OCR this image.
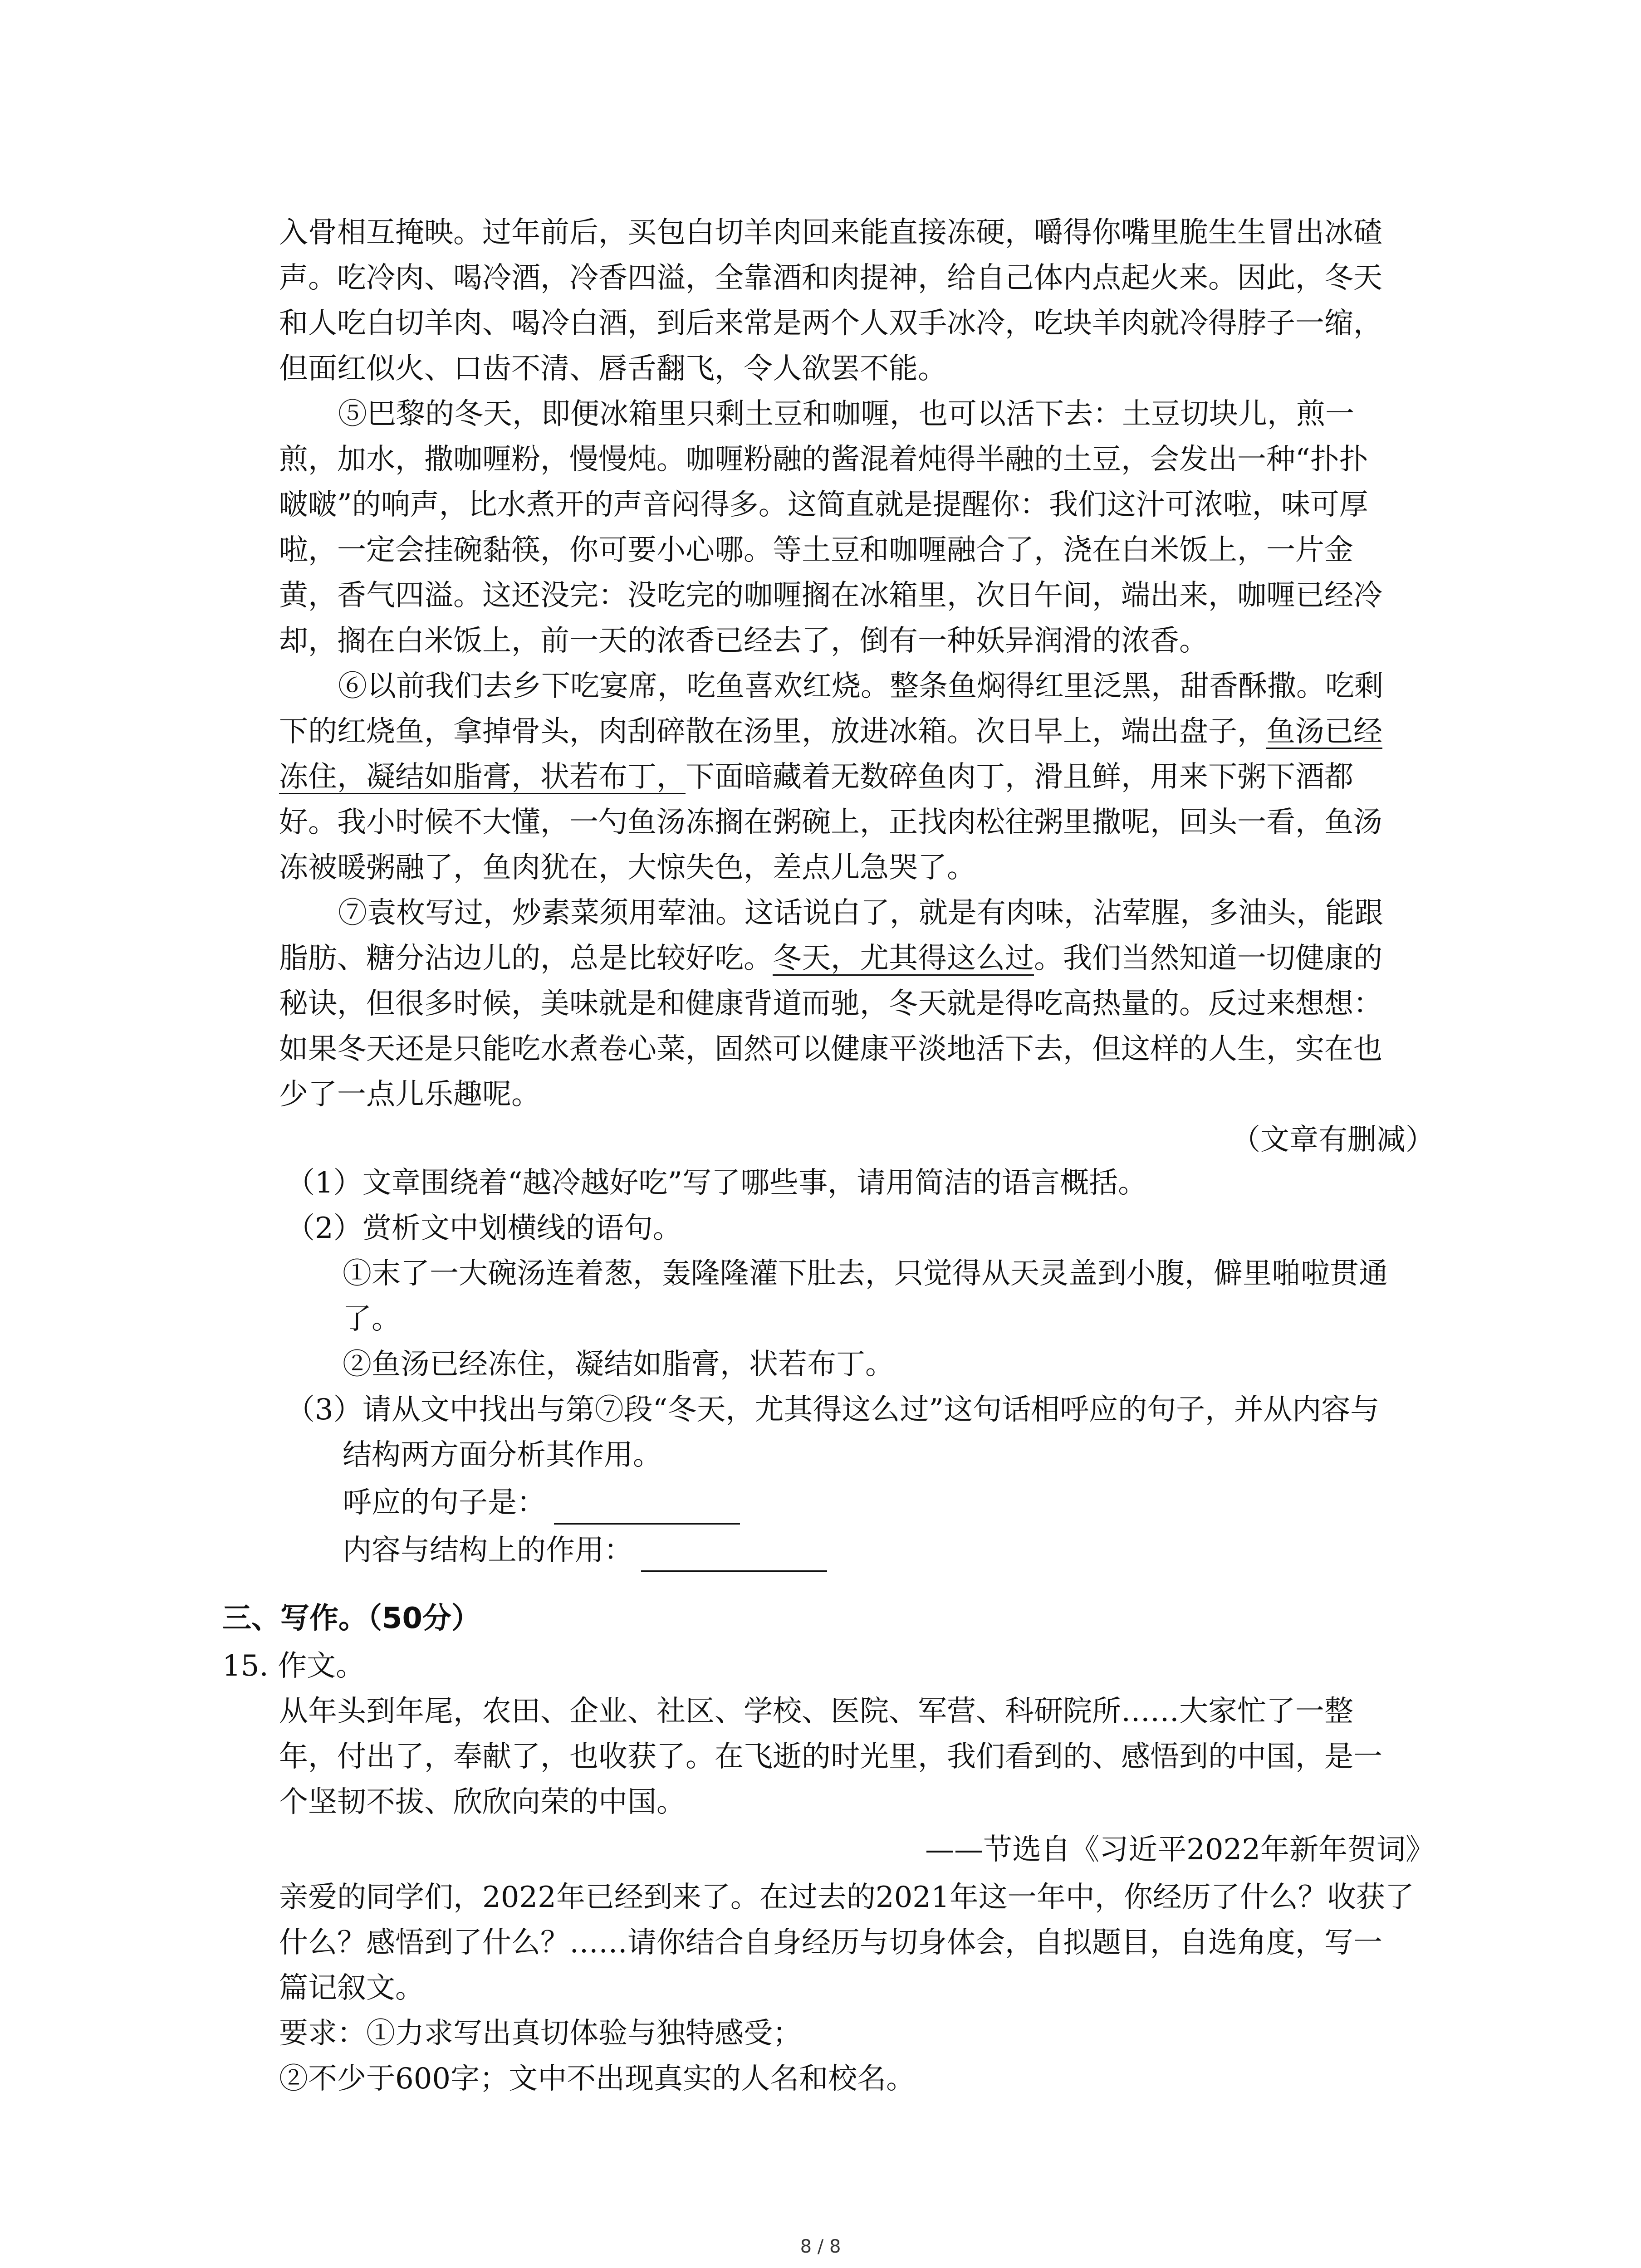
入骨相互掩映。过年前后，买包白切羊肉回来能直接冻硬，嚼得你嘴里脆生生冒出冰碴
声。吃冷肉、喝冷酒，冷香四溢，全靠酒和肉提神，给自己体内点起火来。因此，冬天
和人吃白切羊肉、喝冷白酒，到后来常是两个人双手冰冷，吃块羊肉就冷得脖子一缩，
但面红似火、口齿不清、唇舌翻飞，令人欲罢不能。
⑤巴黎的冬天，即便冰箱里只剩土豆和咖喱，也可以活下去：土豆切块儿，煎一
煎，加水，撒咖喱粉，慢慢炖。咖喱粉融的酱混着炖得半融的土豆，会发出一种“扑扑
啵啵”的响声，比水煮开的声音闷得多。这简直就是提醒你：我们这汁可浓啦，味可厚
啦，一定会挂碗黏筷，你可要小心哪。等土豆和咖喱融合了，浇在白米饭上，一片金
黄，香气四溢。这还没完：没吃完的咖喱搁在冰箱里，次日午间，端出来，咖喱已经冷
却，搁在白米饭上，前一天的浓香已经去了，倒有一种妖异润滑的浓香。
⑥以前我们去乡下吃宴席，吃鱼喜欢红烧。整条鱼焖得红里泛黑，甜香酥撒。吃剩
下的红烧鱼，拿掉骨头，肉刮碎散在汤里，放进冰箱。次日早上，端出盘子，鱼汤已经
冻住，凝结如脂膏，状若布丁，下面暗藏着无数碎鱼肉丁，滑且鲜，用来下粥下酒都
好。我小时候不大懂，一勺鱼汤冻搁在粥碗上，正找肉松往粥里撒呢，回头一看，鱼汤
冻被暖粥融了，鱼肉犹在，大惊失色，差点儿急哭了。
⑦袁枚写过，炒素菜须用荤油。这话说白了，就是有肉味，沾荤腥，多油头，能跟
脂肪、糖分沾边儿的，总是比较好吃。冬天，尤其得这么过。我们当然知道一切健康的
秘诀，但很多时候，美味就是和健康背道而驰，冬天就是得吃高热量的。反过来想想：
如果冬天还是只能吃水煮卷心菜，固然可以健康平淡地活下去，但这样的人生，实在也
少了一点儿乐趣呢。
（文章有删减）
（1）文章围绕着“越冷越好吃”写了哪些事，请用简洁的语言概括。
（2）赏析文中划横线的语句。
①末了一大碗汤连着葱，轰隆隆灌下肚去，只觉得从天灵盖到小腹，僻里啪啦贯通
了。
②鱼汤已经冻住，凝结如脂膏，状若布丁。
（3）请从文中找出与第⑦段“冬天，尤其得这么过”这句话相呼应的句子，并从内容与
结构两方面分析其作用。
呼应的句子是：
内容与结构上的作用：
三、写作。（50分）
15. 作文。
从年头到年尾，农田、企业、社区、学校、医院、军营、科研院所……大家忙了一整
年，付出了，奉献了，也收获了。在飞逝的时光里，我们看到的、感悟到的中国，是一
个坚韧不拔、欣欣向荣的中国。
——节选自《习近平2022年新年贺词》
亲爱的同学们，2022年已经到来了。在过去的2021年这一年中，你经历了什么？收获了
什么？感悟到了什么？……请你结合自身经历与切身体会，自拟题目，自选角度，写一
篇记叙文。
要求：①力求写出真切体验与独特感受；
②不少于600字；文中不出现真实的人名和校名。
8 / 8
